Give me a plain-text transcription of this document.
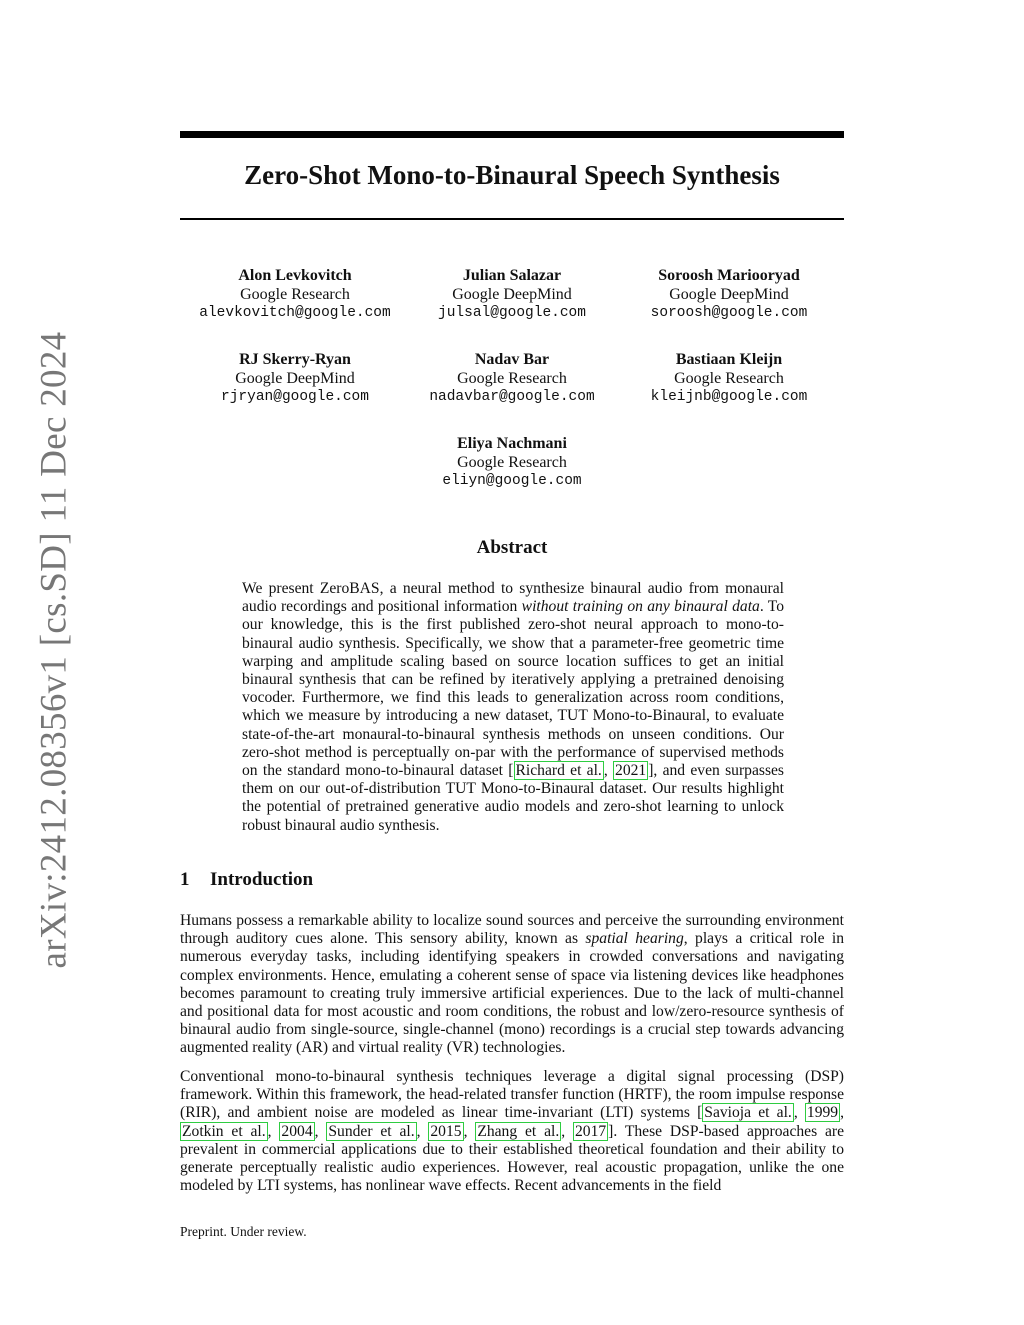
arXiv:2412.08356v1 [cs.SD] 11 Dec 2024
Zero-Shot Mono-to-Binaural Speech Synthesis
Alon Levkovitch
Google Research
alevkovitch@google.com
Julian Salazar
Google DeepMind
julsal@google.com
Soroosh Mariooryad
Google DeepMind
soroosh@google.com
RJ Skerry-Ryan
Google DeepMind
rjryan@google.com
Nadav Bar
Google Research
nadavbar@google.com
Bastiaan Kleijn
Google Research
kleijnb@google.com
Eliya Nachmani
Google Research
eliyn@google.com
Abstract

We present ZeroBAS, a neural method to synthesize binaural audio from monaural audio recordings and positional information without training on any binaural data. To our knowledge, this is the first published zero-shot neural approach to mono-to-binaural audio synthesis. Specifically, we show that a parameter-free geometric time warping and amplitude scaling based on source location suffices to get an initial binaural synthesis that can be refined by iteratively applying a pretrained denoising vocoder. Furthermore, we find this leads to generalization across room conditions, which we measure by introducing a new dataset, TUT Mono-to-Binaural, to evaluate state-of-the-art monaural-to-binaural synthesis methods on unseen conditions. Our zero-shot method is perceptually on-par with the performance of supervised methods on the standard mono-to-binaural dataset [ Richard et al. , 2021 ], and even surpasses them on our out-of-distribution TUT Mono-to-Binaural dataset. Our results highlight the potential of pretrained generative audio models and zero-shot learning to unlock robust binaural audio synthesis.

1 Introduction

Humans possess a remarkable ability to localize sound sources and perceive the surrounding environment through auditory cues alone. This sensory ability, known as spatial hearing, plays a critical role in numerous everyday tasks, including identifying speakers in crowded conversations and navigating complex environments. Hence, emulating a coherent sense of space via listening devices like headphones becomes paramount to creating truly immersive artificial experiences. Due to the lack of multi-channel and positional data for most acoustic and room conditions, the robust and low/zero-resource synthesis of binaural audio from single-source, single-channel (mono) recordings is a crucial step towards advancing augmented reality (AR) and virtual reality (VR) technologies.

Conventional mono-to-binaural synthesis techniques leverage a digital signal processing (DSP) framework. Within this framework, the head-related transfer function (HRTF), the room impulse response (RIR), and ambient noise are modeled as linear time-invariant (LTI) systems [ Savioja et al. , 1999 , Zotkin et al. , 2004 , Sunder et al. , 2015 , Zhang et al. , 2017 ]. These DSP-based approaches are prevalent in commercial applications due to their established theoretical foundation and their ability to generate perceptually realistic audio experiences. However, real acoustic propagation, unlike the one modeled by LTI systems, has nonlinear wave effects. Recent advancements in the field

Preprint. Under review.
